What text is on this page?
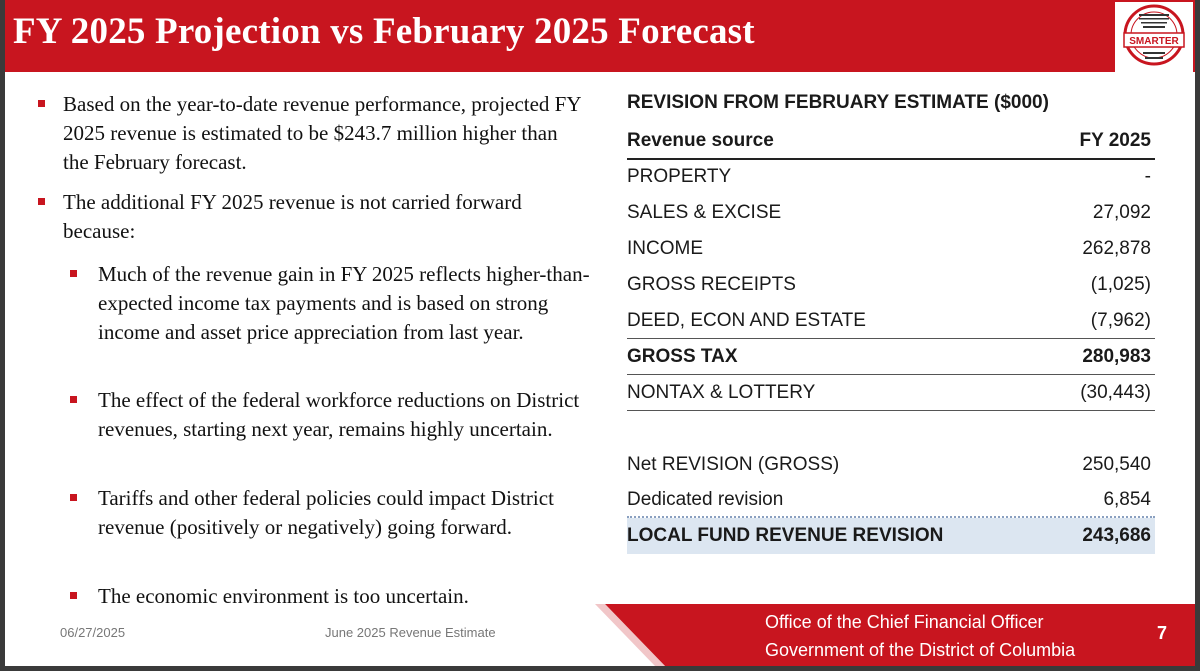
FY 2025 Projection vs February 2025 Forecast	SMARTER
Based on the year-to-date revenue performance, projected FY 2025 revenue is estimated to be $243.7 million higher than the February forecast.
The additional FY 2025 revenue is not carried forward because:
Much of the revenue gain in FY 2025 reflects higher-than-expected income tax payments and is based on strong income and asset price appreciation from last year.
The effect of the federal workforce reductions on District revenues, starting next year, remains highly uncertain.
Tariffs and other federal policies could impact District revenue (positively or negatively) going forward.
The economic environment is too uncertain.
REVISION FROM FEBRUARY ESTIMATE ($000)
Revenue source	FY 2025
PROPERTY	-
SALES & EXCISE	27,092
INCOME	262,878
GROSS RECEIPTS	(1,025)
DEED, ECON AND ESTATE	(7,962)
GROSS TAX	280,983
NONTAX & LOTTERY	(30,443)
Net REVISION (GROSS)	250,540
Dedicated revision	6,854
LOCAL FUND REVENUE REVISION	243,686
06/27/2025	June 2025 Revenue Estimate
Office of the Chief Financial Officer
Government of the District of Columbia
7
